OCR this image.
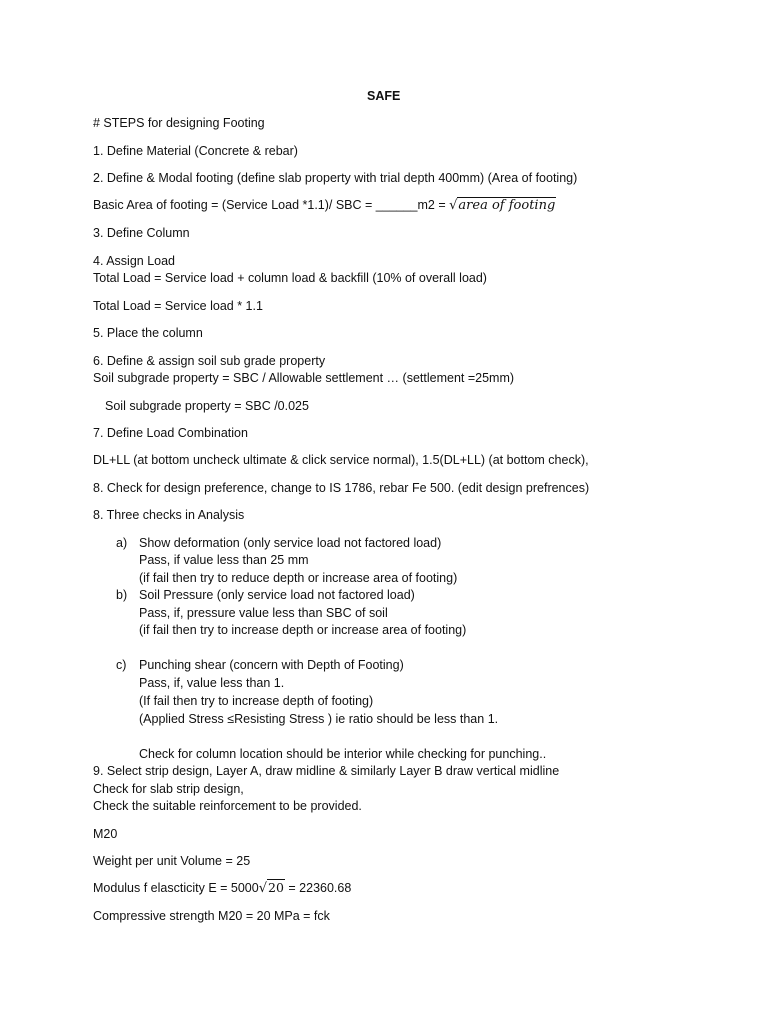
SAFE
# STEPS for designing Footing
1. Define Material (Concrete & rebar)
2. Define & Modal footing (define slab property with trial depth 400mm) (Area of footing)
Basic Area of footing = (Service Load *1.1)/ SBC = ______m2 = √area of footing
3. Define Column
4. Assign Load
Total Load = Service load + column load & backfill (10% of overall load)
Total Load = Service load * 1.1
5. Place the column
6. Define & assign soil sub grade property
Soil subgrade property = SBC / Allowable settlement … (settlement =25mm)
Soil subgrade property = SBC /0.025
7. Define Load Combination
DL+LL (at bottom uncheck ultimate & click service normal), 1.5(DL+LL) (at bottom check),
8. Check for design preference, change to IS 1786, rebar Fe 500. (edit design prefrences)
8. Three checks in Analysis
a) Show deformation (only service load not factored load)
Pass, if value less than 25 mm
(if fail then try to reduce depth or increase area of footing)
b) Soil Pressure (only service load not factored load)
Pass, if, pressure value less than SBC of soil
(if fail then try to increase depth or increase area of footing)
c) Punching shear (concern with Depth of Footing)
Pass, if, value less than 1.
(If fail then try to increase depth of footing)
(Applied Stress ≤Resisting Stress ) ie ratio should be less than 1.
Check for column location should be interior while checking for punching..
9. Select strip design, Layer A, draw midline & similarly Layer B draw vertical midline
Check for slab strip design,
Check the suitable reinforcement to be provided.
M20
Weight per unit Volume = 25
Modulus f elascticity E = 5000√20 = 22360.68
Compressive strength M20 = 20 MPa = fck
